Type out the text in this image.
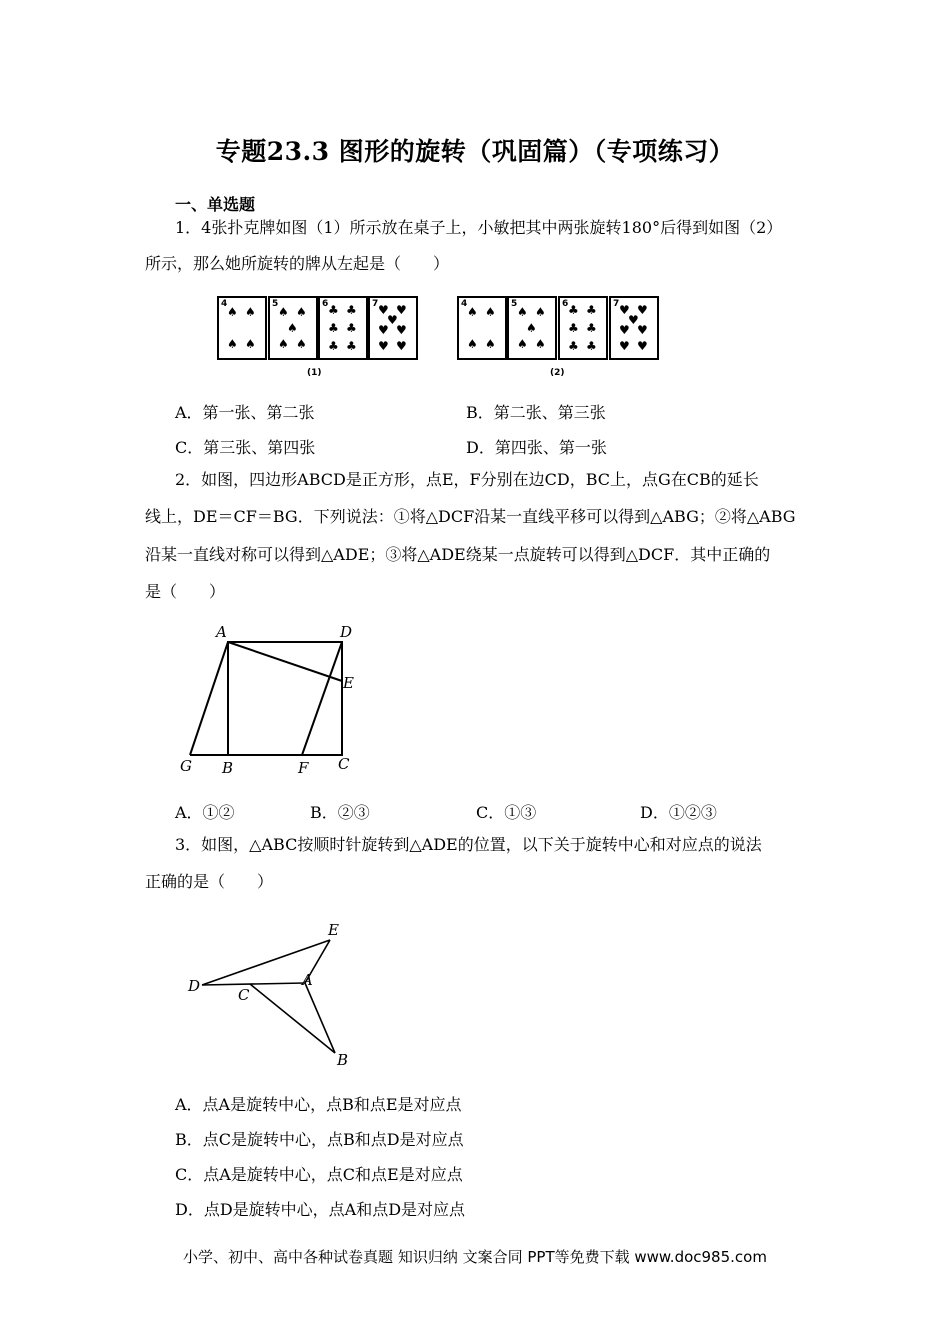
专题23.3 图形的旋转（巩固篇）（专项练习）
一、单选题
1．4张扑克牌如图（1）所示放在桌子上，小敏把其中两张旋转180°后得到如图（2）
所示，那么她所旋转的牌从左起是（　　）
4
♠ ♠
♠ ♠
5
♠ ♠
♠
♠ ♠
6 ♣ ♣
♣ ♣
♣ ♣
7 ♥ ♥
♥
♥ ♥
♥ ♥
(1)
4
♠ ♠
♠ ♠
5
♠ ♠
♠
♠ ♠
6 ♣ ♣
♣ ♣
♣ ♣
7 ♥ ♥
♥
♥ ♥
♥ ♥
(2)
A．第一张、第二张	B．第二张、第三张
C．第三张、第四张	D．第四张、第一张
2．如图，四边形ABCD是正方形，点E，F分别在边CD，BC上，点G在CB的延长
线上，DE＝CF＝BG．下列说法：①将△DCF沿某一直线平移可以得到△ABG；②将△ABG
沿某一直线对称可以得到△ADE；③将△ADE绕某一点旋转可以得到△DCF．其中正确的
是（　　）
A	D
E
G B	F C
A．①②	B．②③	C．①③	D．①②③
3．如图，△ABC按顺时针旋转到△ADE的位置，以下关于旋转中心和对应点的说法
正确的是（　　）
E
D	C
A
B
A．点A是旋转中心，点B和点E是对应点
B．点C是旋转中心，点B和点D是对应点
C．点A是旋转中心，点C和点E是对应点
D．点D是旋转中心，点A和点D是对应点
小学、初中、高中各种试卷真题 知识归纳 文案合同 PPT等免费下载 www.doc985.com
